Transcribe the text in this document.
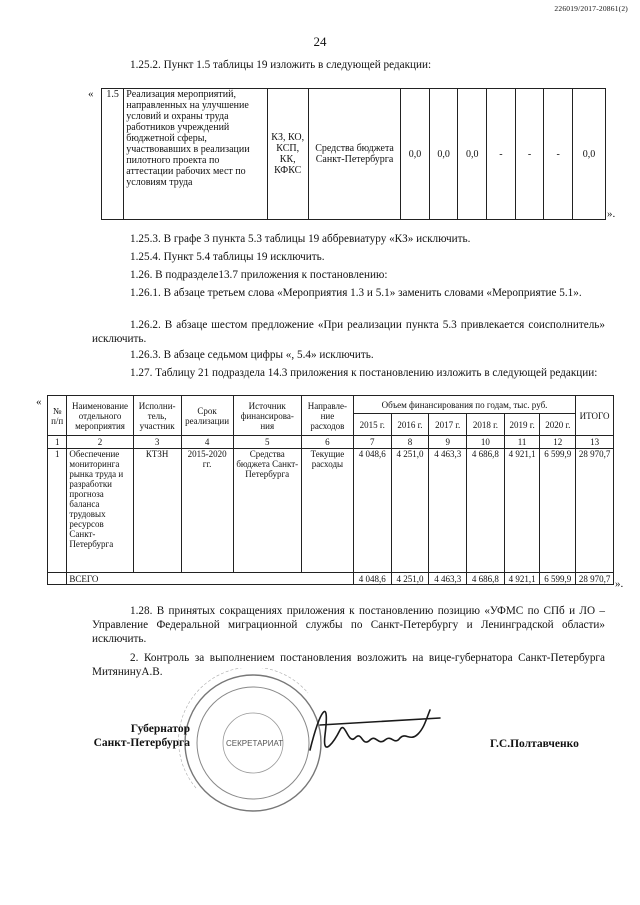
226019/2017-20861(2)
24
1.25.2. Пункт 1.5 таблицы 19 изложить в следующей редакции:
« 1.5	Реализация мероприятий, направленных на улучшение условий и охраны труда работников учреждений бюджетной сферы, участвовавших в реализации пилотного проекта по аттестации рабочих мест по условиям труда	КЗ, КО, КСП, КК, КФКС	Средства бюджета Санкт-Петербурга	0,0	0,0	0,0	-	-	-	0,0
».
1.25.3. В графе 3 пункта 5.3 таблицы 19 аббревиатуру «КЗ» исключить.
1.25.4. Пункт 5.4 таблицы 19 исключить.
1.26. В подразделе13.7 приложения к постановлению:
1.26.1. В абзаце третьем слова «Мероприятия 1.3 и 5.1» заменить словами «Мероприятие 5.1».
1.26.2. В абзаце шестом предложение «При реализации пункта 5.3 привлекается соисполнитель» исключить.
1.26.3. В абзаце седьмом цифры «, 5.4» исключить.
1.27. Таблицу 21 подраздела 14.3 приложения к постановлению изложить в следующей редакции:
«
№ п/п	Наименование отдельного мероприятия	Исполни-тель, участник	Срок реализации	Источник финансирова-ния	Направле-ние расходов	Объем финансирования по годам, тыс. руб.						ИТОГО
						2015 г.	2016 г.	2017 г.	2018 г.	2019 г.	2020 г.	
1	2	3	4	5	6	7	8	9	10	11	12	13
1	Обеспечение мониторинга рынка труда и разработки прогноза баланса трудовых ресурсов Санкт-Петербурга	КТЗН	2015-2020 гг.	Средства бюджета Санкт-Петербурга	Текущие расходы	4 048,6	4 251,0	4 463,3	4 686,8	4 921,1	6 599,9	28 970,7
	ВСЕГО					4 048,6	4 251,0	4 463,3	4 686,8	4 921,1	6 599,9	28 970,7 ».
1.28. В принятых сокращениях приложения к постановлению позицию «УФМС по СПб и ЛО – Управление Федеральной миграционной службы по Санкт-Петербургу и Ленинградской области» исключить.
2. Контроль за выполнением постановления возложить на вице-губернатора Санкт-Петербурга МитянинуА.В.
СЕКРЕТАРИАТ
Губернатор
Санкт-Петербурга	Г.С.Полтавченко
